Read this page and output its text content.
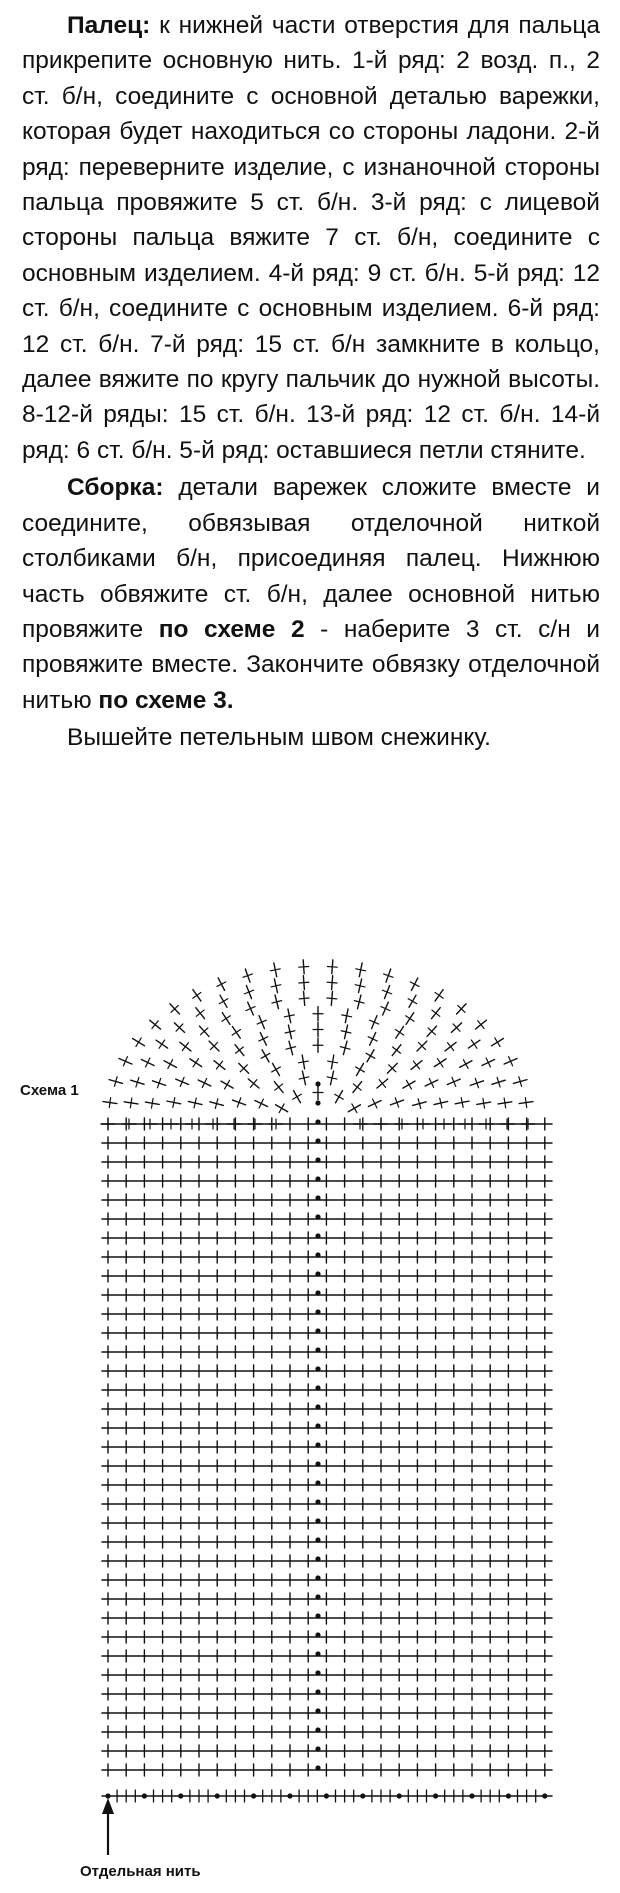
Палец: к нижней части отверстия для пальца прикрепите основную нить. 1-й ряд: 2 возд. п., 2 ст. б/н, соедините с основной деталью варежки, которая будет находиться со стороны ладони. 2-й ряд: переверните изделие, с изнаночной стороны пальца провяжите 5 ст. б/н. 3-й ряд: с лицевой стороны пальца вяжите 7 ст. б/н, соедините с основным изделием. 4-й ряд: 9 ст. б/н. 5-й ряд: 12 ст. б/н, соедините с основным изделием. 6-й ряд: 12 ст. б/н. 7-й ряд: 15 ст. б/н замкните в кольцо, далее вяжите по кругу пальчик до нужной высоты. 8-12-й ряды: 15 ст. б/н. 13-й ряд: 12 ст. б/н. 14-й ряд: 6 ст. б/н. 5-й ряд: оставшиеся петли стяните.

Сборка: детали варежек сложите вместе и соедините, обвязывая отделочной ниткой столбиками б/н, присоединяя палец. Нижнюю часть обвяжите ст. б/н, далее основной нитью провяжите по схеме 2 - наберите 3 ст. с/н и провяжите вместе. Закончите обвязку отделочной нитью по схеме 3.

Вышейте петельным швом снежинку.

Схема 1
Отдельная нить
